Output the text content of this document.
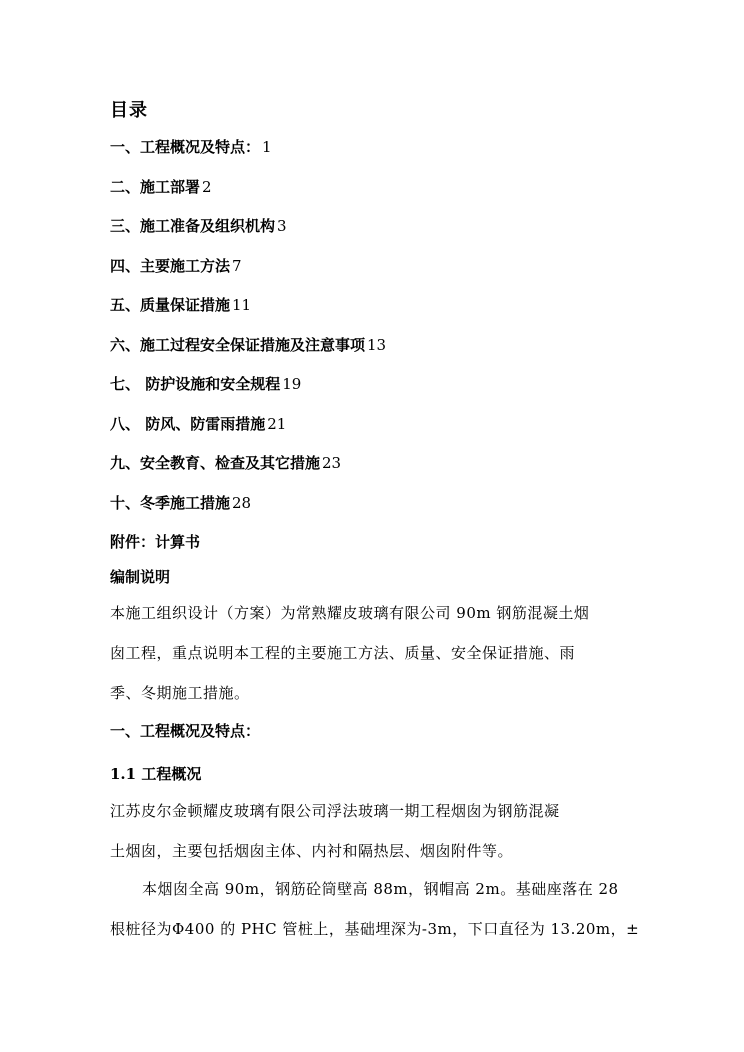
目录
一、工程概况及特点： 1
二、施工部署 2
三、施工准备及组织机构 3
四、主要施工方法 7
五、质量保证措施 11
六、施工过程安全保证措施及注意事项 13
七、 防护设施和安全规程 19
八、 防风、防雷雨措施 21
九、安全教育、检查及其它措施 23
十、冬季施工措施 28
附件：计算书
编制说明
本施工组织设计（方案）为常熟耀皮玻璃有限公司 90m 钢筋混凝土烟
囱工程，重点说明本工程的主要施工方法、质量、安全保证措施、雨
季、冬期施工措施。
一、工程概况及特点：
1.1 工程概况
江苏皮尔金顿耀皮玻璃有限公司浮法玻璃一期工程烟囱为钢筋混凝
土烟囱，主要包括烟囱主体、内衬和隔热层、烟囱附件等。
本烟囱全高 90m，钢筋砼筒壁高 88m，钢帽高 2m。基础座落在 28
根桩径为Φ400 的 PHC 管桩上，基础埋深为-3m，下口直径为 13.20m，±
